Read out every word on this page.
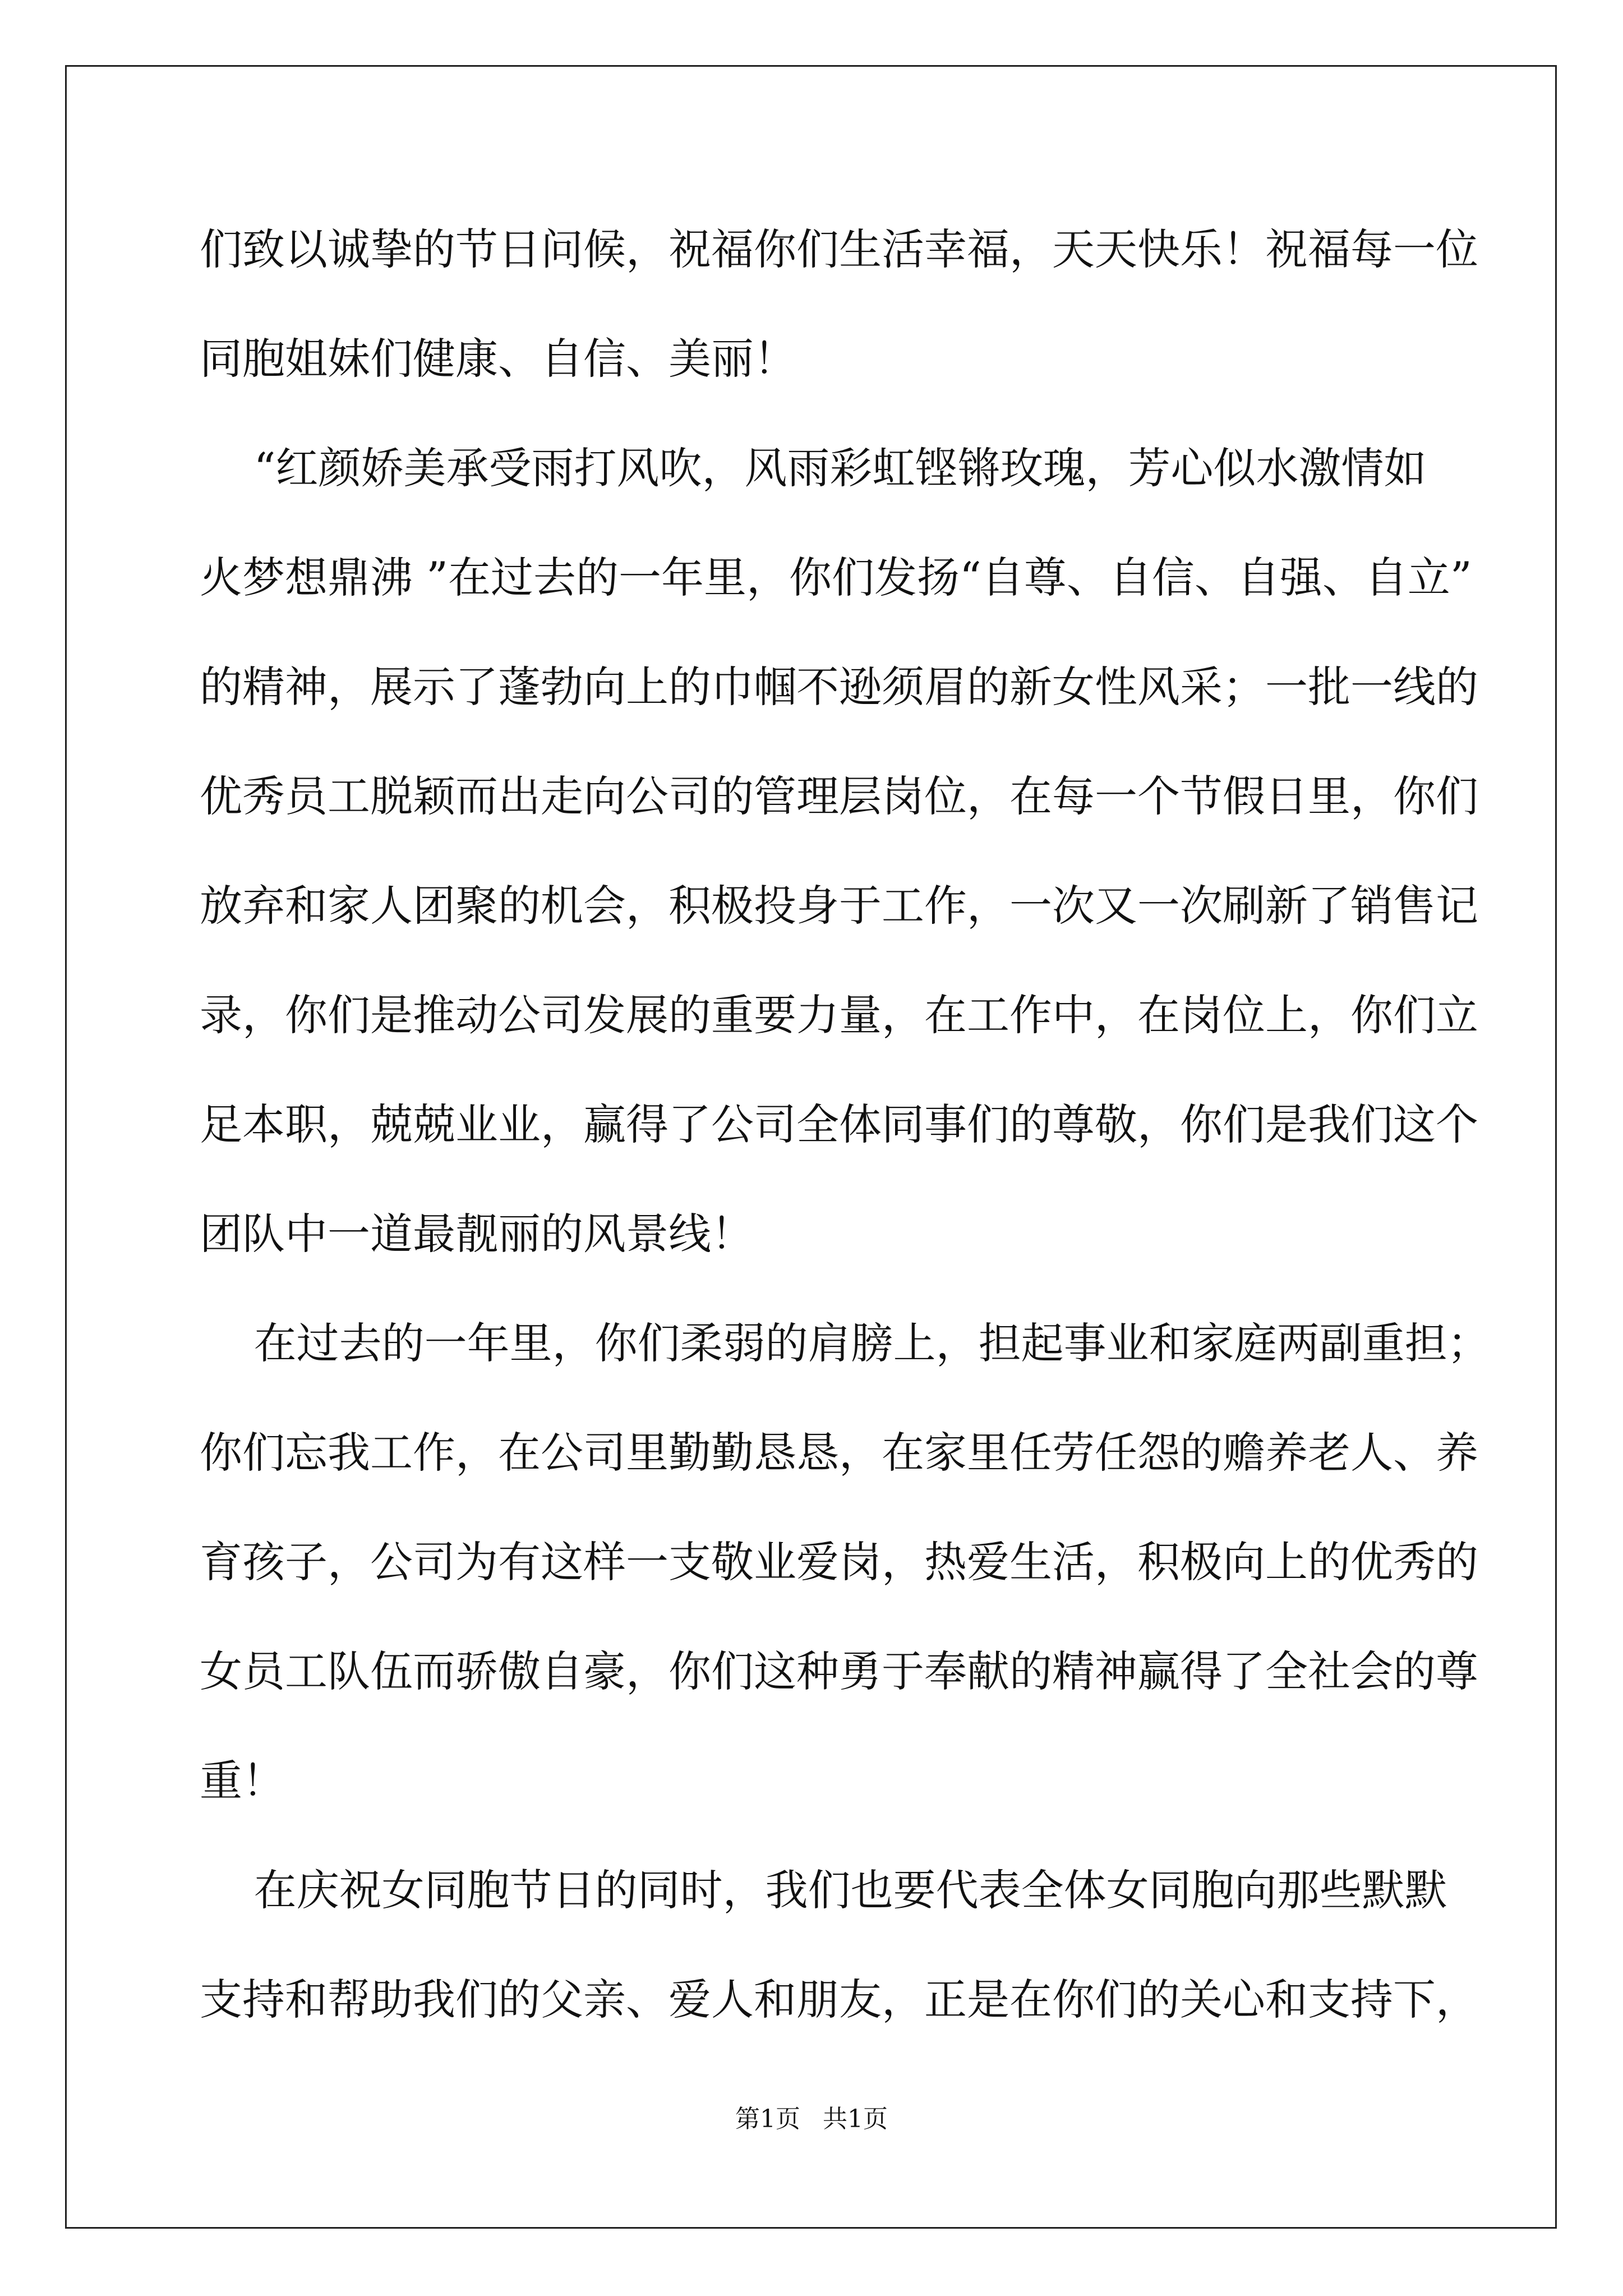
们致以诚挚的节日问候，祝福你们生活幸福，天天快乐！祝福每一位
同胞姐妹们健康、自信、美丽！
“红颜娇美承受雨打风吹，风雨彩虹铿锵玫瑰，芳心似水激情如
火梦想鼎沸 ”在过去的一年里，你们发扬“自尊、自信、自强、自立”
的精神，展示了蓬勃向上的巾帼不逊须眉的新女性风采；一批一线的
优秀员工脱颖而出走向公司的管理层岗位，在每一个节假日里，你们
放弃和家人团聚的机会，积极投身于工作，一次又一次刷新了销售记
录，你们是推动公司发展的重要力量，在工作中，在岗位上，你们立
足本职，兢兢业业，赢得了公司全体同事们的尊敬，你们是我们这个
团队中一道最靓丽的风景线！
在过去的一年里，你们柔弱的肩膀上，担起事业和家庭两副重担；
你们忘我工作，在公司里勤勤恳恳，在家里任劳任怨的赡养老人、养
育孩子，公司为有这样一支敬业爱岗，热爱生活，积极向上的优秀的
女员工队伍而骄傲自豪，你们这种勇于奉献的精神赢得了全社会的尊
重！
在庆祝女同胞节日的同时，我们也要代表全体女同胞向那些默默
支持和帮助我们的父亲、爱人和朋友，正是在你们的关心和支持下，
第1页 共1页
